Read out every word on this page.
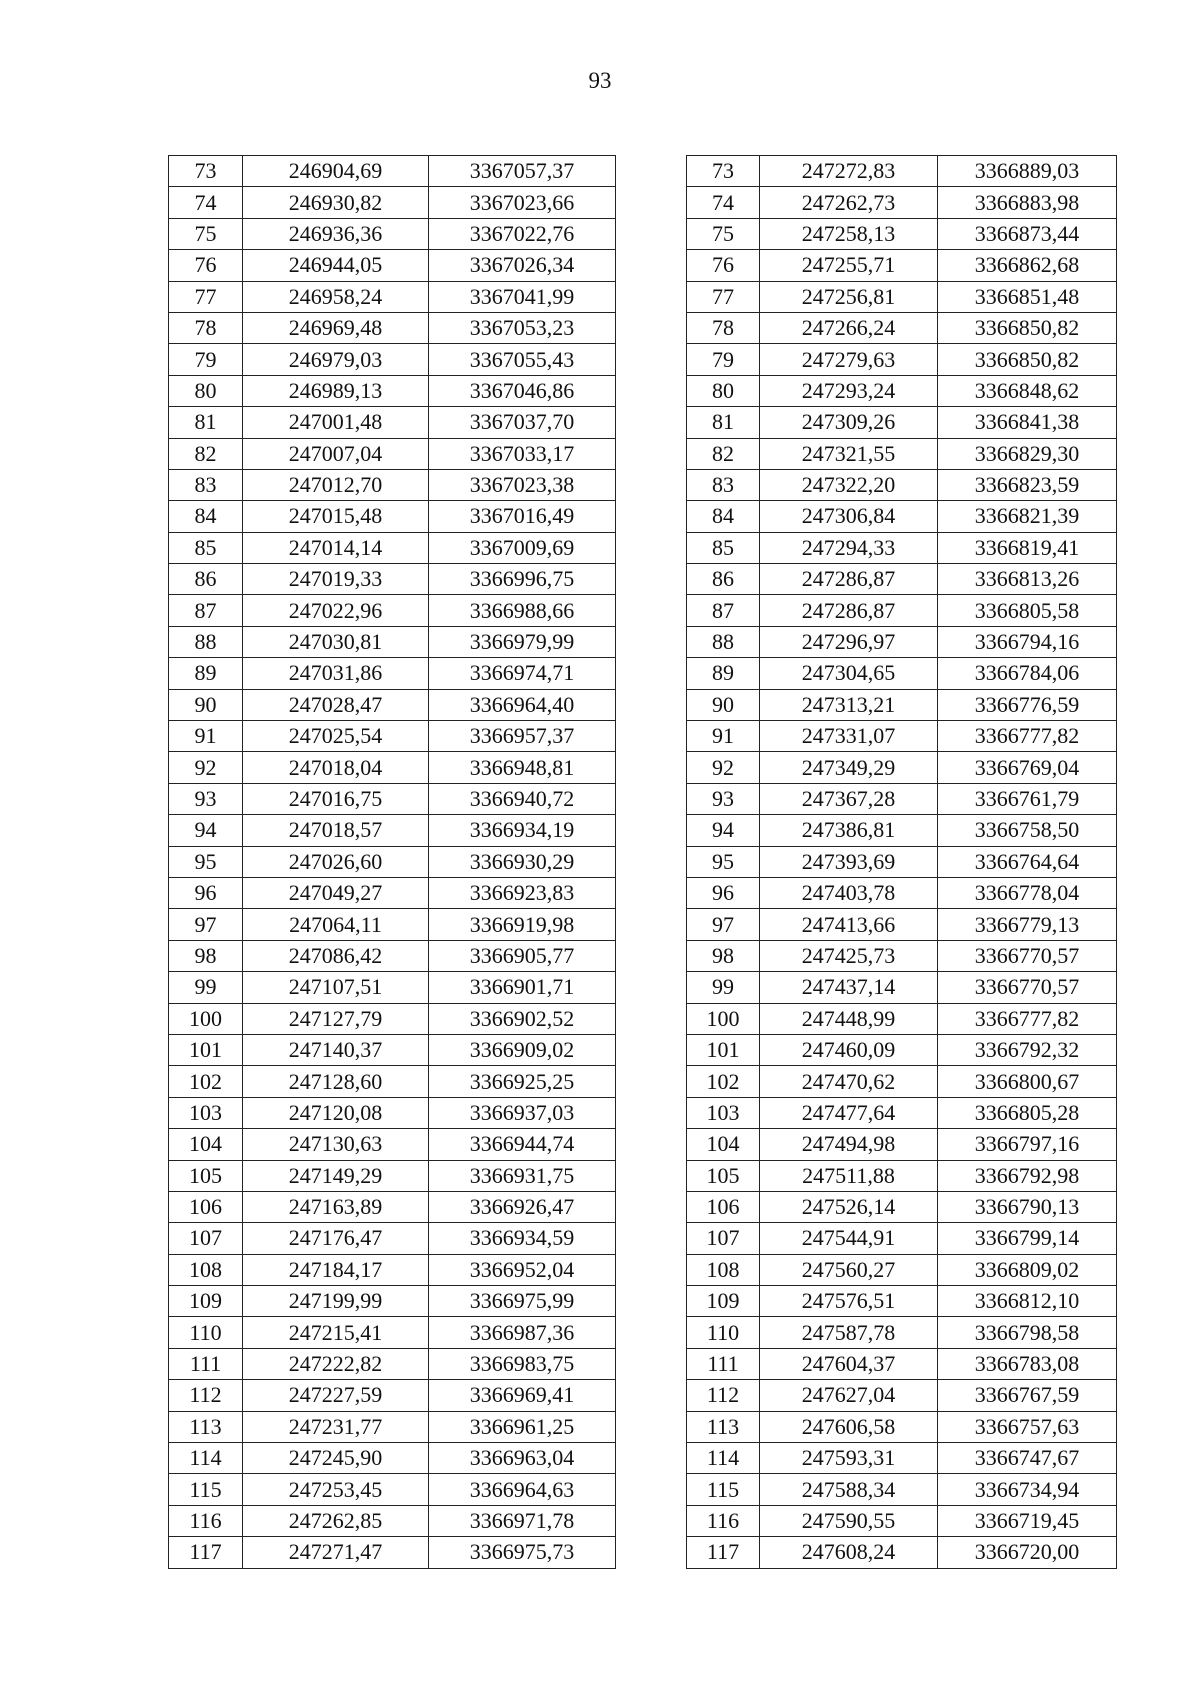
93
73	246904,69	3367057,37
74	246930,82	3367023,66
75	246936,36	3367022,76
76	246944,05	3367026,34
77	246958,24	3367041,99
78	246969,48	3367053,23
79	246979,03	3367055,43
80	246989,13	3367046,86
81	247001,48	3367037,70
82	247007,04	3367033,17
83	247012,70	3367023,38
84	247015,48	3367016,49
85	247014,14	3367009,69
86	247019,33	3366996,75
87	247022,96	3366988,66
88	247030,81	3366979,99
89	247031,86	3366974,71
90	247028,47	3366964,40
91	247025,54	3366957,37
92	247018,04	3366948,81
93	247016,75	3366940,72
94	247018,57	3366934,19
95	247026,60	3366930,29
96	247049,27	3366923,83
97	247064,11	3366919,98
98	247086,42	3366905,77
99	247107,51	3366901,71
100	247127,79	3366902,52
101	247140,37	3366909,02
102	247128,60	3366925,25
103	247120,08	3366937,03
104	247130,63	3366944,74
105	247149,29	3366931,75
106	247163,89	3366926,47
107	247176,47	3366934,59
108	247184,17	3366952,04
109	247199,99	3366975,99
110	247215,41	3366987,36
111	247222,82	3366983,75
112	247227,59	3366969,41
113	247231,77	3366961,25
114	247245,90	3366963,04
115	247253,45	3366964,63
116	247262,85	3366971,78
117	247271,47	3366975,73
73	247272,83	3366889,03
74	247262,73	3366883,98
75	247258,13	3366873,44
76	247255,71	3366862,68
77	247256,81	3366851,48
78	247266,24	3366850,82
79	247279,63	3366850,82
80	247293,24	3366848,62
81	247309,26	3366841,38
82	247321,55	3366829,30
83	247322,20	3366823,59
84	247306,84	3366821,39
85	247294,33	3366819,41
86	247286,87	3366813,26
87	247286,87	3366805,58
88	247296,97	3366794,16
89	247304,65	3366784,06
90	247313,21	3366776,59
91	247331,07	3366777,82
92	247349,29	3366769,04
93	247367,28	3366761,79
94	247386,81	3366758,50
95	247393,69	3366764,64
96	247403,78	3366778,04
97	247413,66	3366779,13
98	247425,73	3366770,57
99	247437,14	3366770,57
100	247448,99	3366777,82
101	247460,09	3366792,32
102	247470,62	3366800,67
103	247477,64	3366805,28
104	247494,98	3366797,16
105	247511,88	3366792,98
106	247526,14	3366790,13
107	247544,91	3366799,14
108	247560,27	3366809,02
109	247576,51	3366812,10
110	247587,78	3366798,58
111	247604,37	3366783,08
112	247627,04	3366767,59
113	247606,58	3366757,63
114	247593,31	3366747,67
115	247588,34	3366734,94
116	247590,55	3366719,45
117	247608,24	3366720,00
